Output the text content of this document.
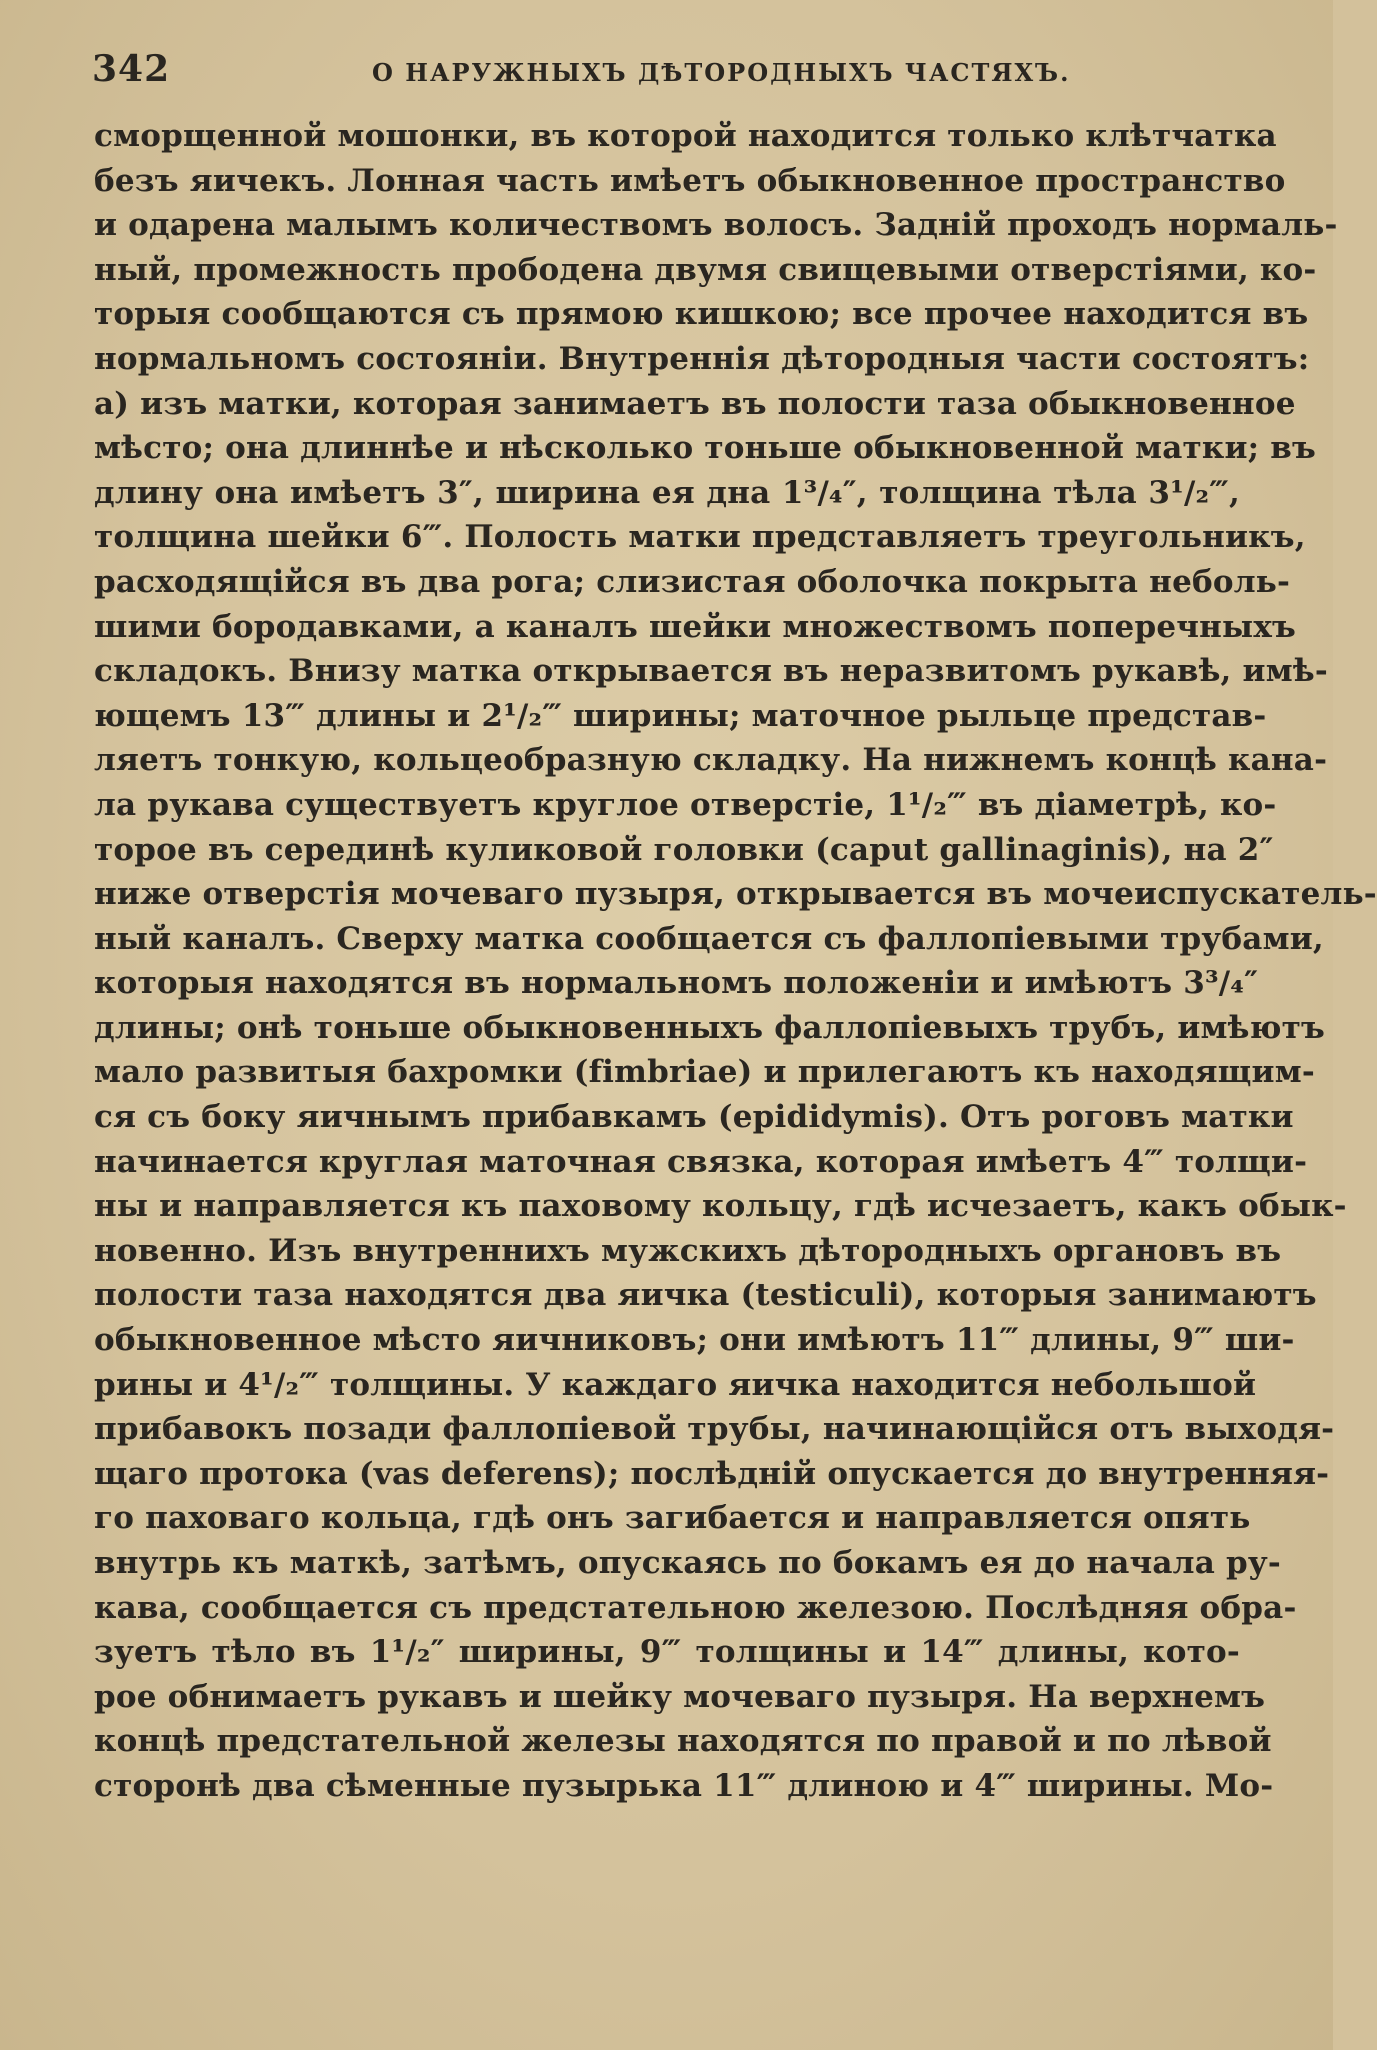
342	О НАРУЖНЫХЪ ДѢТОРОДНЫХЪ ЧАСТЯХЪ.
сморщенной мошонки, въ которой находится только клѣтчатка
безъ яичекъ. Лонная часть имѣетъ обыкновенное пространство
и одарена малымъ количествомъ волосъ. Задній проходъ нормаль-
ный, промежность прободена двумя свищевыми отверстіями, ко-
торыя сообщаются съ прямою кишкою; все прочее находится въ
нормальномъ состояніи. Внутреннія дѣтородныя части состоятъ:
а) изъ матки, которая занимаетъ въ полости таза обыкновенное
мѣсто; она длиннѣе и нѣсколько тоньше обыкновенной матки; въ
длину она имѣетъ 3″, ширина ея дна 1³/₄″, толщина тѣла 3¹/₂‴,
толщина шейки 6‴. Полость матки представляетъ треугольникъ,
расходящійся въ два рога; слизистая оболочка покрыта неболь-
шими бородавками, а каналъ шейки множествомъ поперечныхъ
складокъ. Внизу матка открывается въ неразвитомъ рукавѣ, имѣ-
ющемъ 13‴ длины и 2¹/₂‴ ширины; маточное рыльце представ-
ляетъ тонкую, кольцеобразную складку. На нижнемъ концѣ кана-
ла рукава существуетъ круглое отверстіе, 1¹/₂‴ въ діаметрѣ, ко-
торое въ серединѣ куликовой головки (caput gallinaginis), на 2″
ниже отверстія мочеваго пузыря, открывается въ мочеиспускатель-
ный каналъ. Сверху матка сообщается съ фаллопіевыми трубами,
которыя находятся въ нормальномъ положеніи и имѣютъ 3³/₄″
длины; онѣ тоньше обыкновенныхъ фаллопіевыхъ трубъ, имѣютъ
мало развитыя бахромки (fimbriae) и прилегаютъ къ находящим-
ся съ боку яичнымъ прибавкамъ (epididymis). Отъ роговъ матки
начинается круглая маточная связка, которая имѣетъ 4‴ толщи-
ны и направляется къ паховому кольцу, гдѣ исчезаетъ, какъ обык-
новенно. Изъ внутреннихъ мужскихъ дѣтородныхъ органовъ въ
полости таза находятся два яичка (testiculi), которыя занимаютъ
обыкновенное мѣсто яичниковъ; они имѣютъ 11‴ длины, 9‴ ши-
рины и 4¹/₂‴ толщины. У каждаго яичка находится небольшой
прибавокъ позади фаллопіевой трубы, начинающійся отъ выходя-
щаго протока (vas deferens); послѣдній опускается до внутренняя-
го паховаго кольца, гдѣ онъ загибается и направляется опять
внутрь къ маткѣ, затѣмъ, опускаясь по бокамъ ея до начала ру-
кава, сообщается съ предстательною железою. Послѣдняя обра-
зуетъ тѣло въ 1¹/₂″ ширины, 9‴ толщины и 14‴ длины, кото-
рое обнимаетъ рукавъ и шейку мочеваго пузыря. На верхнемъ
концѣ предстательной железы находятся по правой и по лѣвой
сторонѣ два сѣменные пузырька 11‴ длиною и 4‴ ширины. Мо-
